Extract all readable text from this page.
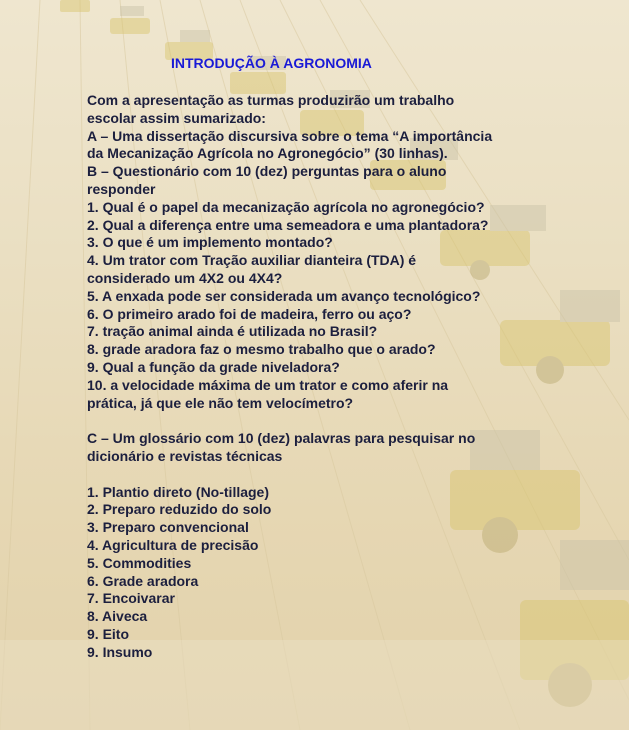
INTRODUÇÃO À AGRONOMIA
Com a apresentação as turmas produzirão um trabalho
escolar assim sumarizado:
A – Uma dissertação discursiva sobre o tema “A importância
da Mecanização Agrícola no Agronegócio” (30 linhas).
B – Questionário com 10 (dez) perguntas para o aluno
responder
1. Qual é o papel da mecanização agrícola no agronegócio?
2. Qual a diferença entre uma semeadora e uma plantadora?
3. O que é um implemento montado?
4. Um trator com Tração auxiliar dianteira (TDA) é
considerado um 4X2 ou 4X4?
5. A enxada pode ser considerada um avanço tecnológico?
6. O primeiro arado foi de madeira, ferro ou aço?
7. tração animal ainda é utilizada no Brasil?
8. grade aradora faz o mesmo trabalho que o arado?
9. Qual a função da grade niveladora?
10. a velocidade máxima de um trator e como aferir na
prática, já que ele não tem velocímetro?
C – Um glossário com 10 (dez) palavras para pesquisar no
dicionário e revistas técnicas
1. Plantio direto (No-tillage)
2. Preparo reduzido do solo
3. Preparo convencional
4. Agricultura de precisão
5. Commodities
6. Grade aradora
7. Encoivarar
8. Aiveca
9. Eito
9. Insumo
